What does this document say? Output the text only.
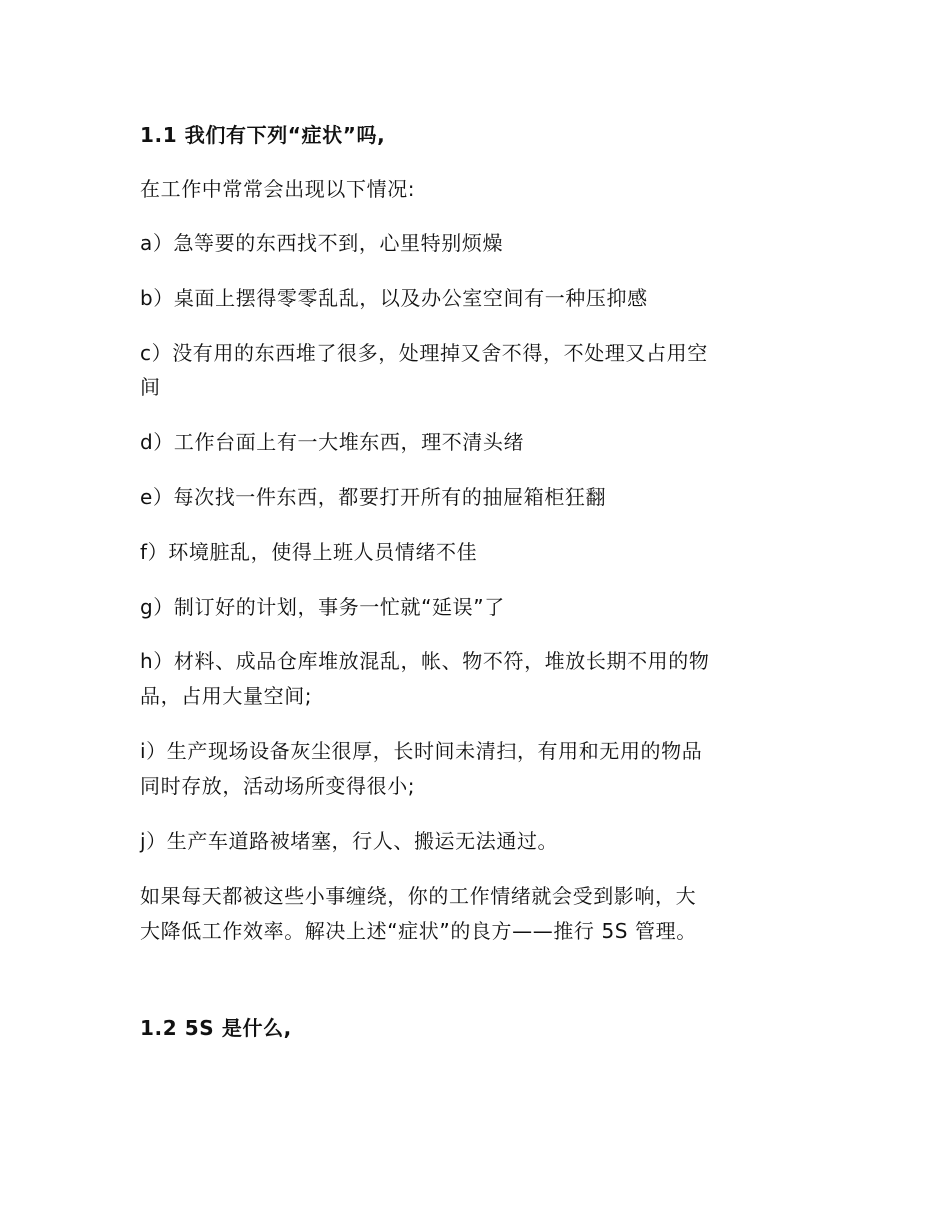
1.1 我们有下列“症状”吗,
在工作中常常会出现以下情况:
a）急等要的东西找不到，心里特别烦燥
b）桌面上摆得零零乱乱，以及办公室空间有一种压抑感
c）没有用的东西堆了很多，处理掉又舍不得，不处理又占用空
间
d）工作台面上有一大堆东西，理不清头绪
e）每次找一件东西，都要打开所有的抽屉箱柜狂翻
f）环境脏乱，使得上班人员情绪不佳
g）制订好的计划，事务一忙就“延误”了
h）材料、成品仓库堆放混乱，帐、物不符，堆放长期不用的物
品，占用大量空间;
i）生产现场设备灰尘很厚，长时间未清扫，有用和无用的物品
同时存放，活动场所变得很小;
j）生产车道路被堵塞，行人、搬运无法通过。
如果每天都被这些小事缠绕，你的工作情绪就会受到影响，大
大降低工作效率。解决上述“症状”的良方——推行 5S 管理。
1.2 5S 是什么,
